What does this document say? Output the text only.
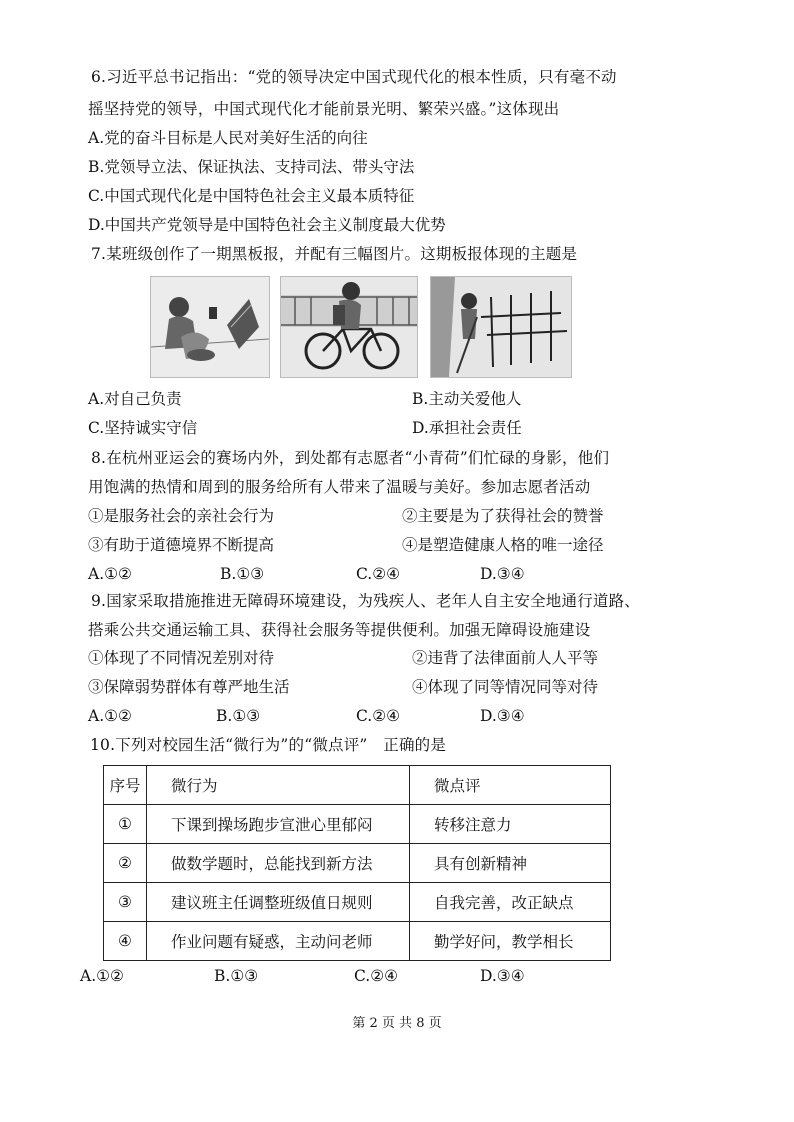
6.习近平总书记指出：“党的领导决定中国式现代化的根本性质，只有毫不动
摇坚持党的领导，中国式现代化才能前景光明、繁荣兴盛。”这体现出
A.党的奋斗目标是人民对美好生活的向往
B.党领导立法、保证执法、支持司法、带头守法
C.中国式现代化是中国特色社会主义最本质特征
D.中国共产党领导是中国特色社会主义制度最大优势
7.某班级创作了一期黑板报，并配有三幅图片。这期板报体现的主题是
A.对自己负责	B.主动关爱他人
C.坚持诚实守信	D.承担社会责任
8.在杭州亚运会的赛场内外，到处都有志愿者“小青荷”们忙碌的身影，他们
用饱满的热情和周到的服务给所有人带来了温暖与美好。参加志愿者活动
①是服务社会的亲社会行为	②主要是为了获得社会的赞誉
③有助于道德境界不断提高	④是塑造健康人格的唯一途径
A.①②	B.①③	C.②④	D.③④
9.国家采取措施推进无障碍环境建设，为残疾人、老年人自主安全地通行道路、
搭乘公共交通运输工具、获得社会服务等提供便利。加强无障碍设施建设
①体现了不同情况差别对待	②违背了法律面前人人平等
③保障弱势群体有尊严地生活	④体现了同等情况同等对待
A.①②	B.①③	C.②④	D.③④
10.下列对校园生活“微行为”的“微点评”　正确的是
序号	微行为	微点评
①	下课到操场跑步宣泄心里郁闷	转移注意力
②	做数学题时，总能找到新方法	具有创新精神
③	建议班主任调整班级值日规则	自我完善，改正缺点
④	作业问题有疑惑，主动问老师	勤学好问，教学相长
A.①②	B.①③	C.②④	D.③④
第 2 页 共 8 页
